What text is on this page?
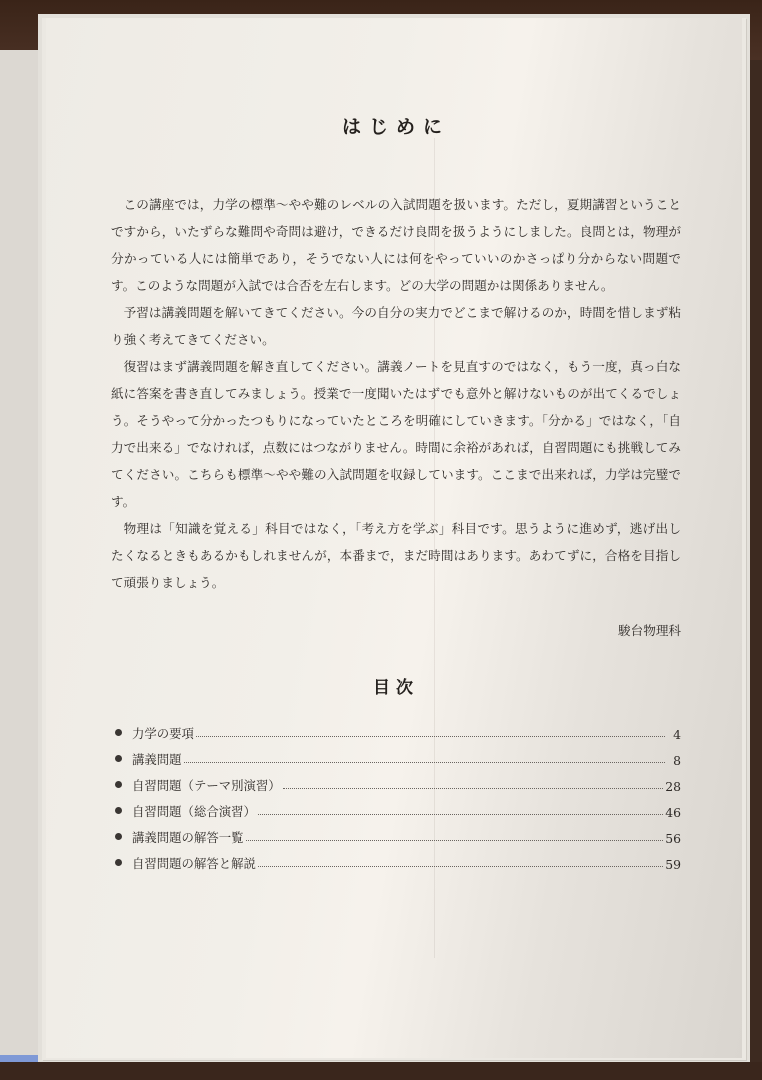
はじめに

この講座では，力学の標準～やや難のレベルの入試問題を扱います。ただし，夏期講習ということですから，いたずらな難問や奇問は避け，できるだけ良問を扱うようにしました。良問とは，物理が分かっている人には簡単であり，そうでない人には何をやっていいのかさっぱり分からない問題です。このような問題が入試では合否を左右します。どの大学の問題かは関係ありません。

予習は講義問題を解いてきてください。今の自分の実力でどこまで解けるのか，時間を惜しまず粘り強く考えてきてください。

復習はまず講義問題を解き直してください。講義ノートを見直すのではなく，もう一度，真っ白な紙に答案を書き直してみましょう。授業で一度聞いたはずでも意外と解けないものが出てくるでしょう。そうやって分かったつもりになっていたところを明確にしていきます。「分かる」ではなく，「自力で出来る」でなければ，点数にはつながりません。時間に余裕があれば，自習問題にも挑戦してみてください。こちらも標準～やや難の入試問題を収録しています。ここまで出来れば，力学は完璧です。

物理は「知識を覚える」科目ではなく，「考え方を学ぶ」科目です。思うように進めず，逃げ出したくなるときもあるかもしれませんが，本番まで，まだ時間はあります。あわてずに，合格を目指して頑張りましょう。

駿台物理科
目次
力学の要項	4
講義問題	8
自習問題（テーマ別演習）	28
自習問題（総合演習）	46
講義問題の解答一覧	56
自習問題の解答と解説	59
